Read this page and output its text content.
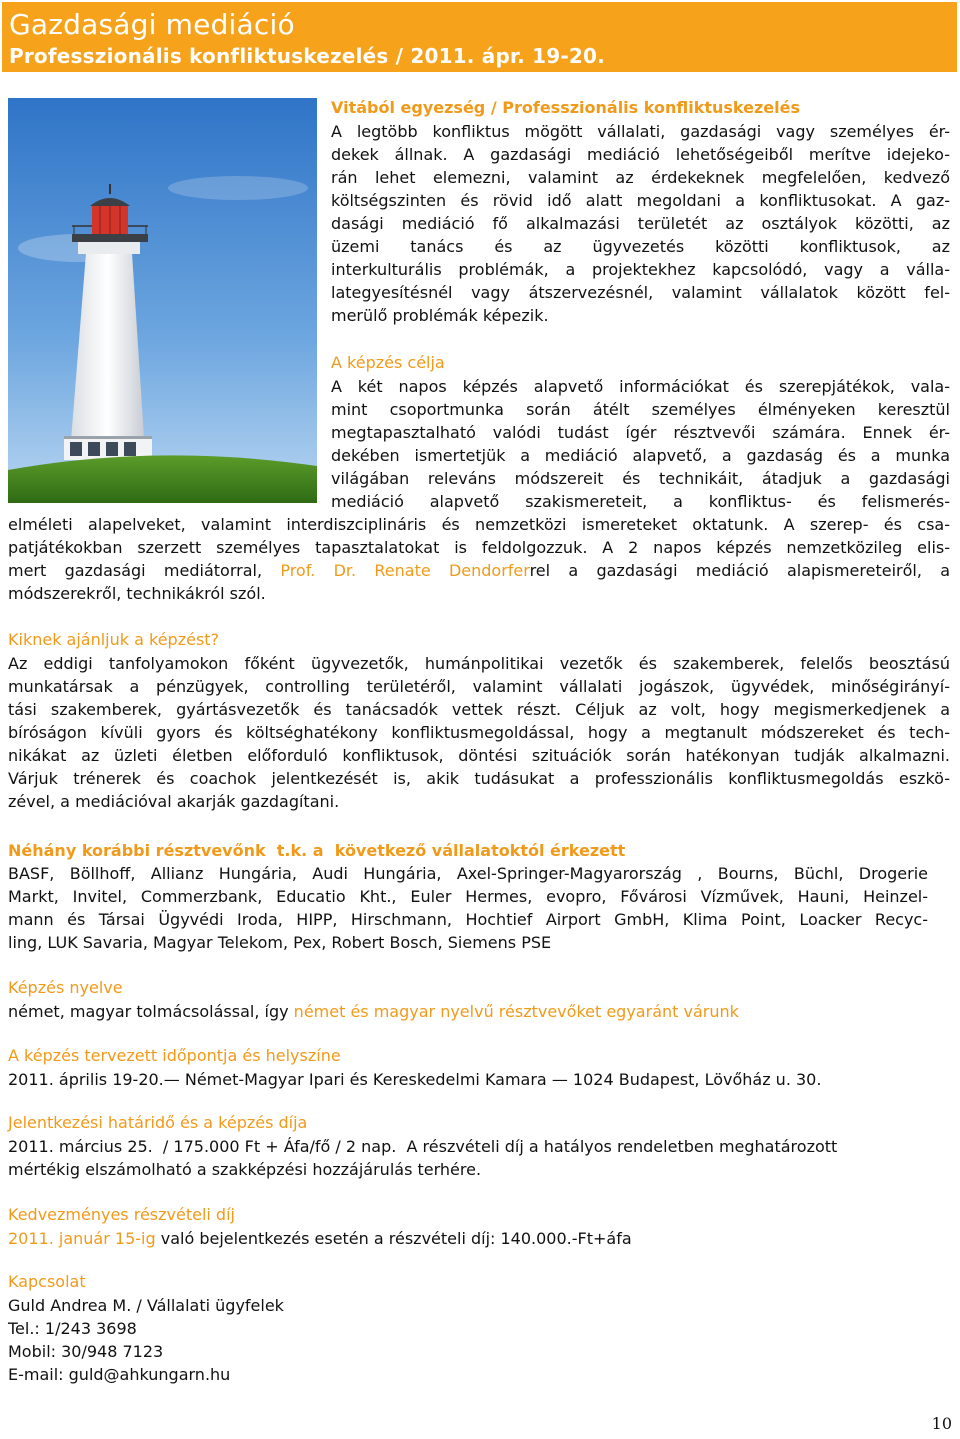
Gazdasági mediáció
Professzionális konfliktuskezelés / 2011. ápr. 19-20.
Vitából egyezség / Professzionális konfliktuskezelés
A legtöbb konfliktus mögött vállalati, gazdasági vagy személyes ér-
dekek állnak. A gazdasági mediáció lehetőségeiből merítve idejeko-
rán lehet elemezni, valamint az érdekeknek megfelelően, kedvező
költségszinten és rövid idő alatt megoldani a konfliktusokat. A gaz-
dasági mediáció fő alkalmazási területét az osztályok közötti, az
üzemi tanács és az ügyvezetés közötti konfliktusok, az
interkulturális problémák, a projektekhez kapcsolódó, vagy a válla-
lategyesítésnél vagy átszervezésnél, valamint vállalatok között fel-
merülő problémák képezik.
A képzés célja
A két napos képzés alapvető információkat és szerepjátékok, vala-
mint csoportmunka során átélt személyes élményeken keresztül
megtapasztalható valódi tudást ígér résztvevői számára. Ennek ér-
dekében ismertetjük a mediáció alapvető, a gazdaság és a munka
világában releváns módszereit és technikáit, átadjuk a gazdasági
mediáció alapvető szakismereteit, a konfliktus- és felismerés-
elméleti alapelveket, valamint interdiszciplináris és nemzetközi ismereteket oktatunk. A szerep- és csa-
patjátékokban szerzett személyes tapasztalatokat is feldolgozzuk. A 2 napos képzés nemzetközileg elis-
mert gazdasági mediátorral, Prof. Dr. Renate Dendorferrel a gazdasági mediáció alapismereteiről, a
módszerekről, technikákról szól.
Kiknek ajánljuk a képzést?
Az eddigi tanfolyamokon főként ügyvezetők, humánpolitikai vezetők és szakemberek, felelős beosztású
munkatársak a pénzügyek, controlling területéről, valamint vállalati jogászok, ügyvédek, minőségirányí-
tási szakemberek, gyártásvezetők és tanácsadók vettek részt. Céljuk az volt, hogy megismerkedjenek a
bíróságon kívüli gyors és költséghatékony konfliktusmegoldással, hogy a megtanult módszereket és tech-
nikákat az üzleti életben előforduló konfliktusok, döntési szituációk során hatékonyan tudják alkalmazni.
Várjuk trénerek és coachok jelentkezését is, akik tudásukat a professzionális konfliktusmegoldás eszkö-
zével, a mediációval akarják gazdagítani.
Néhány korábbi résztvevőnk  t.k. a  következő vállalatoktól érkezett
BASF, Böllhoff, Allianz Hungária, Audi Hungária, Axel-Springer-Magyarország , Bourns, Büchl, Drogerie
Markt, Invitel, Commerzbank, Educatio Kht., Euler Hermes, evopro, Fővárosi Vízművek, Hauni, Heinzel-
mann és Társai Ügyvédi Iroda, HIPP, Hirschmann, Hochtief Airport GmbH, Klima Point, Loacker Recyc-
ling, LUK Savaria, Magyar Telekom, Pex, Robert Bosch, Siemens PSE
Képzés nyelve
német, magyar tolmácsolással, így német és magyar nyelvű résztvevőket egyaránt várunk
A képzés tervezett időpontja és helyszíne
2011. április 19-20.— Német-Magyar Ipari és Kereskedelmi Kamara — 1024 Budapest, Lövőház u. 30.
Jelentkezési határidő és a képzés díja
2011. március 25.  / 175.000 Ft + Áfa/fő / 2 nap.  A részvételi díj a hatályos rendeletben meghatározott
mértékig elszámolható a szakképzési hozzájárulás terhére.
Kedvezményes részvételi díj
2011. január 15-ig való bejelentkezés esetén a részvételi díj: 140.000.-Ft+áfa
Kapcsolat
Guld Andrea M. / Vállalati ügyfelek
Tel.: 1/243 3698
Mobil: 30/948 7123
E-mail: guld@ahkungarn.hu
10
